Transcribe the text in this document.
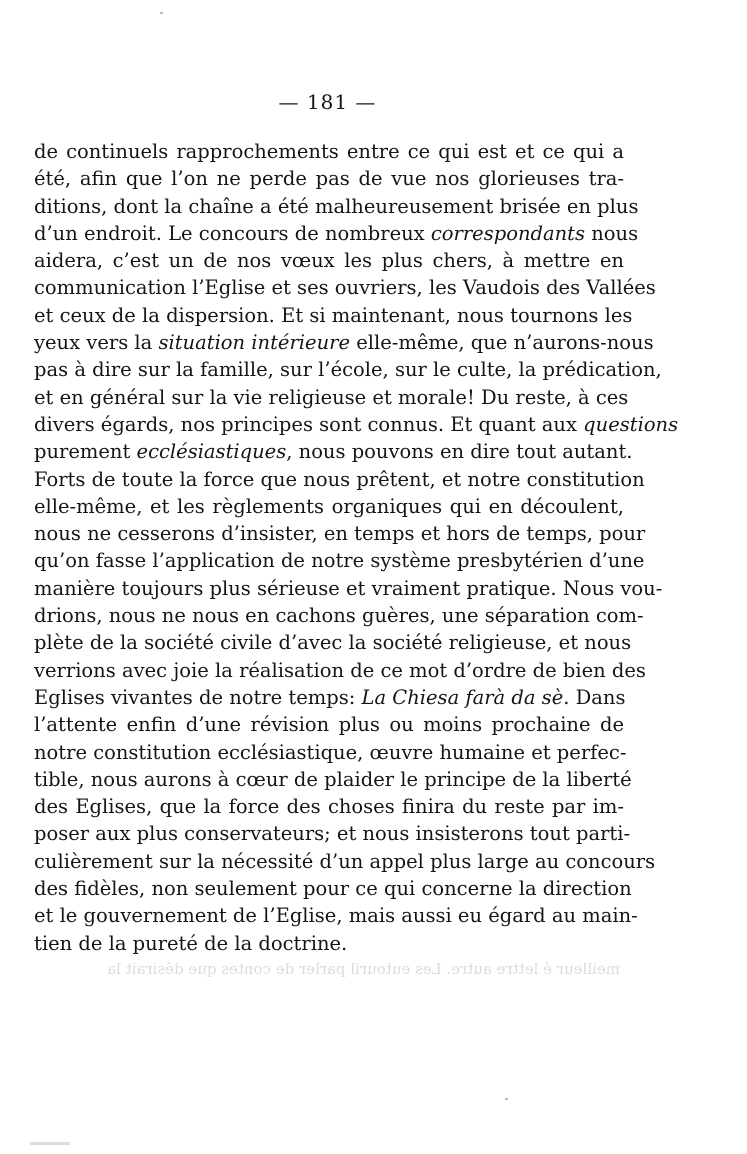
— 181 —
de continuels rapprochements entre ce qui est et ce qui a
été, afin que l’on ne perde pas de vue nos glorieuses tra-
ditions, dont la chaîne a été malheureusement brisée en plus
d’un endroit. Le concours de nombreux correspondants nous
aidera, c’est un de nos vœux les plus chers, à mettre en
communication l’Eglise et ses ouvriers, les Vaudois des Vallées
et ceux de la dispersion. Et si maintenant, nous tournons les
yeux vers la situation intérieure elle-même, que n’aurons-nous
pas à dire sur la famille, sur l’école, sur le culte, la prédication,
et en général sur la vie religieuse et morale! Du reste, à ces
divers égards, nos principes sont connus. Et quant aux questions
purement ecclésiastiques, nous pouvons en dire tout autant.
Forts de toute la force que nous prêtent, et notre constitution
elle-même, et les règlements organiques qui en découlent,
nous ne cesserons d’insister, en temps et hors de temps, pour
qu’on fasse l’application de notre système presbytérien d’une
manière toujours plus sérieuse et vraiment pratique. Nous vou-
drions, nous ne nous en cachons guères, une séparation com-
plète de la société civile d’avec la société religieuse, et nous
verrions avec joie la réalisation de ce mot d’ordre de bien des
Eglises vivantes de notre temps: La Chiesa farà da sè. Dans
l’attente enfin d’une révision plus ou moins prochaine de
notre constitution ecclésiastique, œuvre humaine et perfec-
tible, nous aurons à cœur de plaider le principe de la liberté
des Eglises, que la force des choses finira du reste par im-
poser aux plus conservateurs; et nous insisterons tout parti-
culièrement sur la nécessité d’un appel plus large au concours
des fidèles, non seulement pour ce qui concerne la direction
et le gouvernement de l’Eglise, mais aussi eu égard au main-
tien de la pureté de la doctrine.
meilleur é lettre autre. Les eutouril parler de contes que désirait la
